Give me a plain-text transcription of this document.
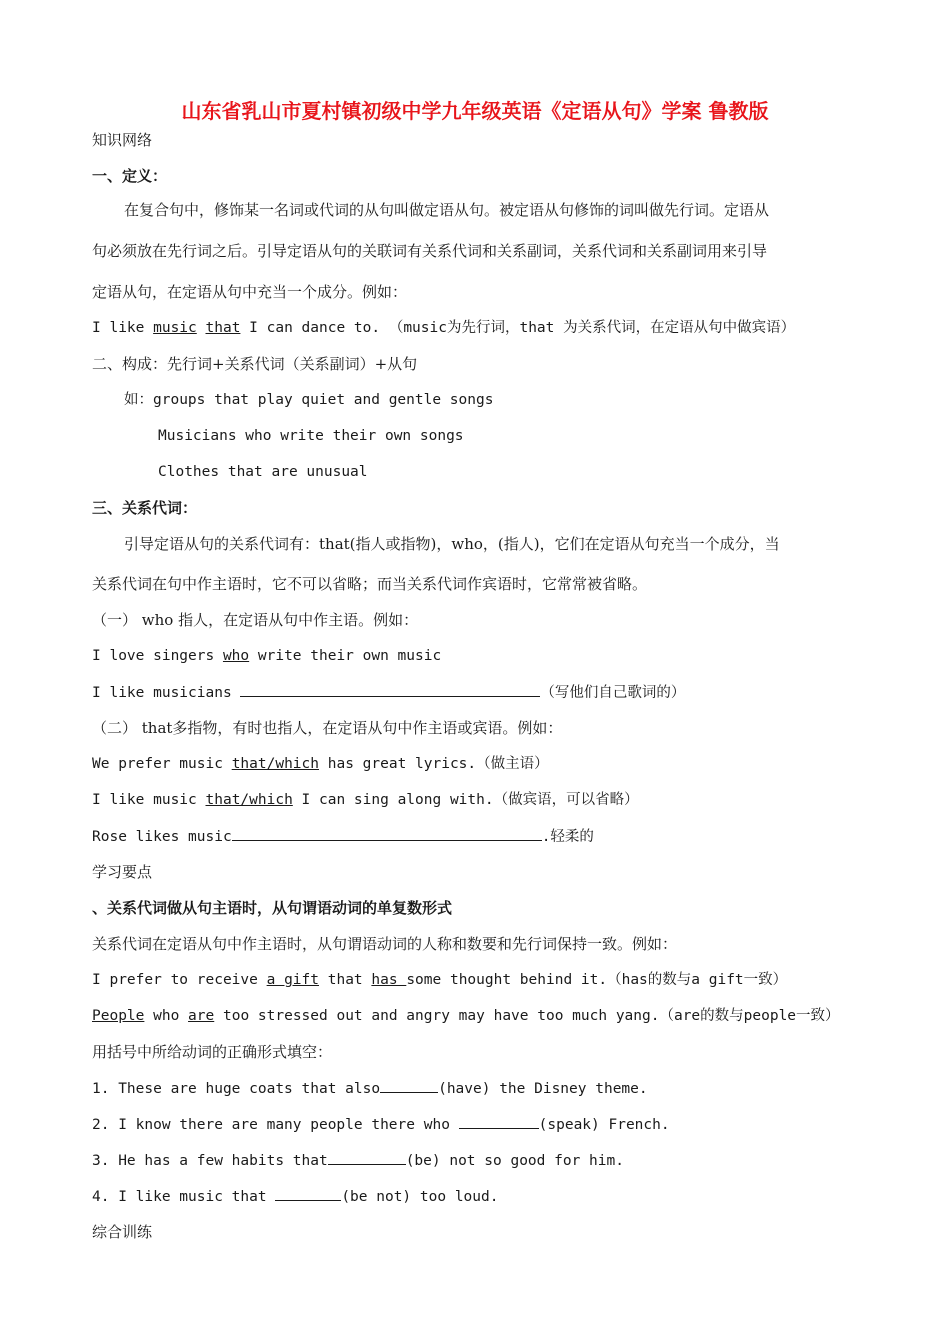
山东省乳山市夏村镇初级中学九年级英语《定语从句》学案 鲁教版
知识网络
一、定义：
在复合句中，修饰某一名词或代词的从句叫做定语从句。被定语从句修饰的词叫做先行词。定语从
句必须放在先行词之后。引导定语从句的关联词有关系代词和关系副词，关系代词和关系副词用来引导
定语从句，在定语从句中充当一个成分。例如：
I like music that I can dance to. （music为先行词，that 为关系代词，在定语从句中做宾语）
二、构成：先行词+关系代词（关系副词）+从句
如：groups that play quiet and gentle songs
Musicians who write their own songs
Clothes that are unusual
三、关系代词：
引导定语从句的关系代词有：that(指人或指物)，who，(指人)，它们在定语从句充当一个成分，当
关系代词在句中作主语时，它不可以省略；而当关系代词作宾语时，它常常被省略。
（一） who 指人，在定语从句中作主语。例如：
I love singers who write their own music
I like musicians	（写他们自己歌词的）
（二） that多指物，有时也指人，在定语从句中作主语或宾语。例如：
We prefer music that/which has great lyrics.（做主语）
I like music that/which I can sing along with.（做宾语，可以省略）
Rose likes music	.轻柔的
学习要点
、关系代词做从句主语时，从句谓语动词的单复数形式
关系代词在定语从句中作主语时，从句谓语动词的人称和数要和先行词保持一致。例如：
I prefer to receive a gift that has some thought behind it.（has的数与a gift一致）
People who are too stressed out and angry may have too much yang.（are的数与people一致）
用括号中所给动词的正确形式填空：
1. These are huge coats that also	(have) the Disney theme.
2. I know there are many people there who	(speak) French.
3. He has a few habits that	(be) not so good for him.
4. I like music that	(be not) too loud.
综合训练
